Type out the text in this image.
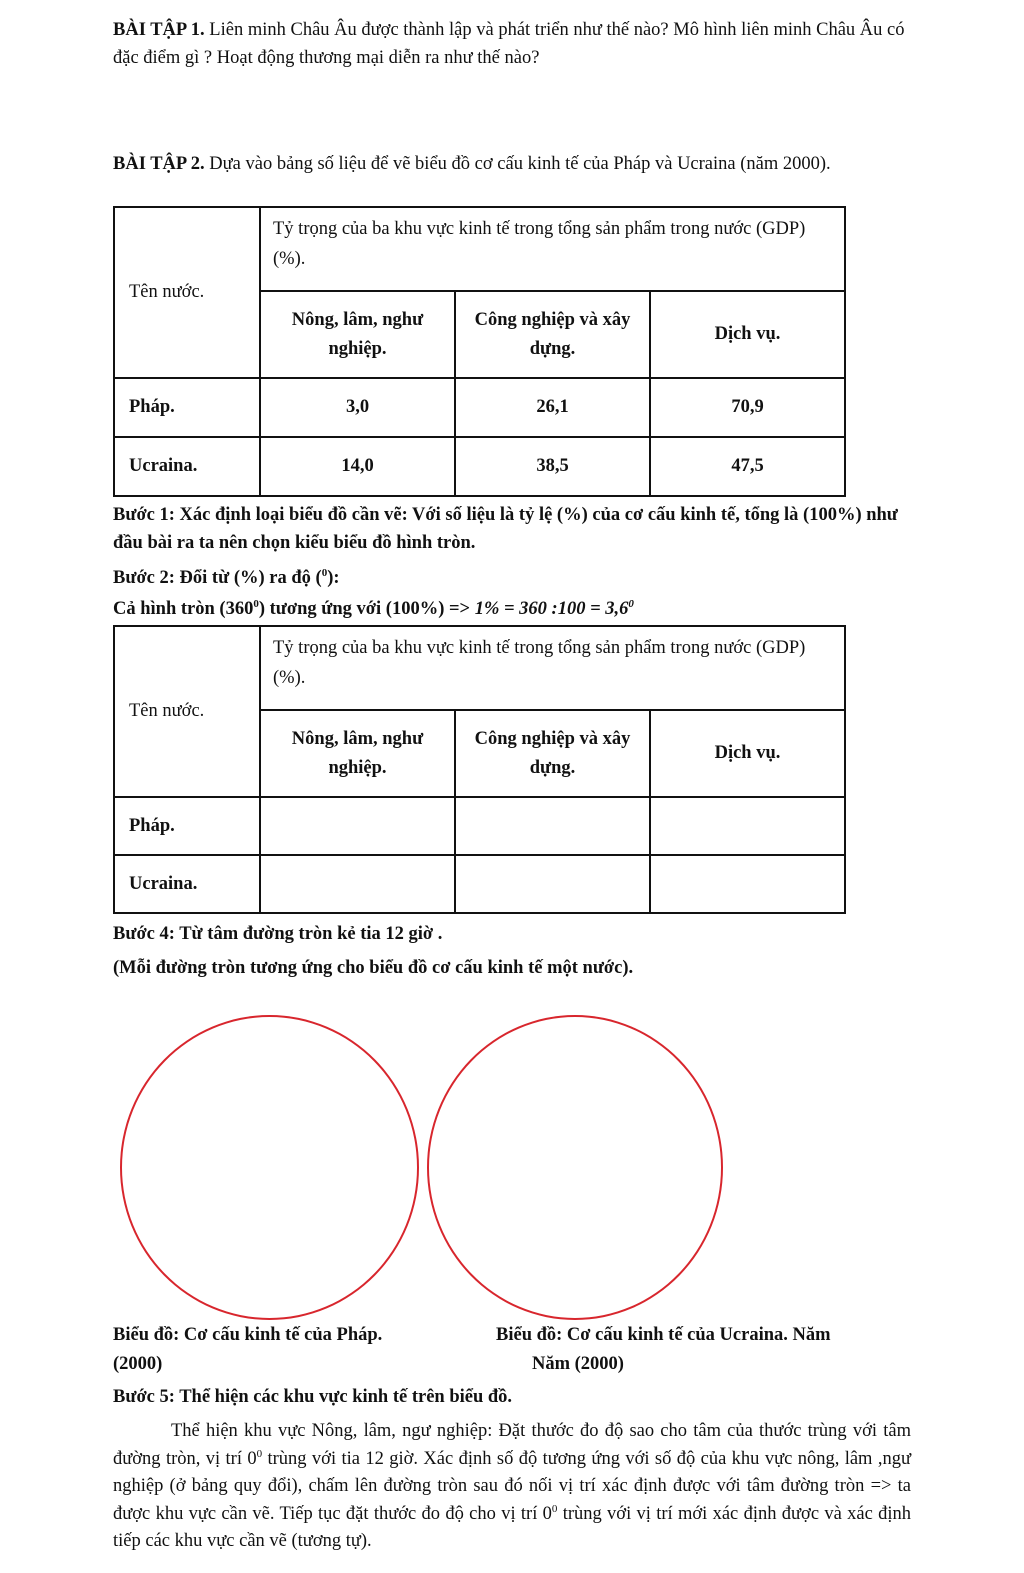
BÀI TẬP 1. Liên minh Châu Âu được thành lập và phát triển như thế nào? Mô hình liên minh Châu Âu có đặc điểm gì ? Hoạt động thương mại diễn ra như thế nào?

BÀI TẬP 2. Dựa vào bảng số liệu để vẽ biểu đồ cơ cấu kinh tế của Pháp và Ucraina (năm 2000).

Tên nước.	Tỷ trọng của ba khu vực kinh tế trong tổng sản phẩm trong nước (GDP) (%).		
	Nông, lâm, nghư nghiệp.	Công nghiệp và xây dựng.	Dịch vụ.
Pháp.	3,0	26,1	70,9
Ucraina.	14,0	38,5	47,5

Bước 1: Xác định loại biểu đồ cần vẽ: Với số liệu là tỷ lệ (%) của cơ cấu kinh tế, tổng là (100%) như đầu bài ra ta nên chọn kiểu biểu đồ hình tròn.

Bước 2: Đổi từ (%) ra độ ($^0$):

Cả hình tròn $(360^0)$ tương ứng với (100%) => 1% = 360 :100 = $3,6^0$

Tên nước.	Tỷ trọng của ba khu vực kinh tế trong tổng sản phẩm trong nước (GDP) (%).		
	Nông, lâm, nghư nghiệp.	Công nghiệp và xây dựng.	Dịch vụ.
Pháp.			
Ucraina.			

Bước 4: Từ tâm đường tròn kẻ tia 12 giờ .

(Mỗi đường tròn tương ứng cho biểu đồ cơ cấu kinh tế một nước).

Biểu đồ: Cơ cấu kinh tế của Pháp.
(2000)
Biểu đồ: Cơ cấu kinh tế của Ucraina. Năm
Năm (2000)

Bước 5: Thể hiện các khu vực kinh tế trên biểu đồ.

Thể hiện khu vực Nông, lâm, ngư nghiệp: Đặt thước đo độ sao cho tâm của thước trùng với tâm đường tròn, vị trí $0^0$ trùng với tia 12 giờ. Xác định số độ tương ứng với số độ của khu vực nông, lâm ,ngư nghiệp (ở bảng quy đổi), chấm lên đường tròn sau đó nối vị trí xác định được với tâm đường tròn => ta được khu vực cần vẽ. Tiếp tục đặt thước đo độ cho vị trí $0^0$ trùng với vị trí mới xác định được và xác định tiếp các khu vực cần vẽ (tương tự).
